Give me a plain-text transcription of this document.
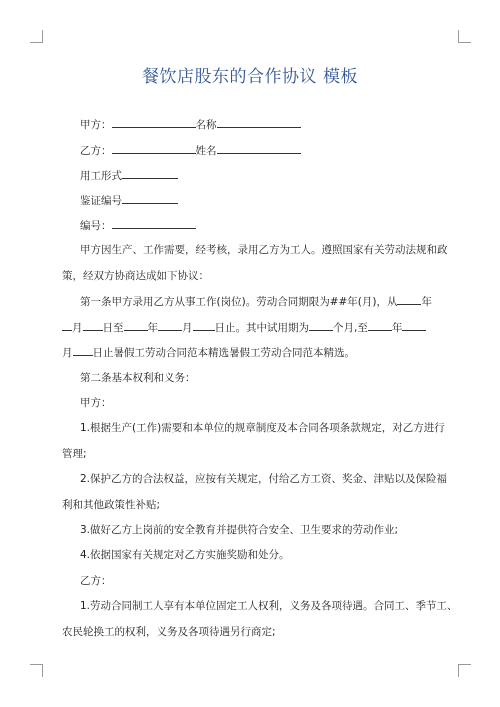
餐饮店股东的合作协议 模板
甲方：	名称
乙方：	姓名
用工形式
鉴证编号
编号：
甲方因生产、工作需要，经考核，录用乙方为工人。遵照国家有关劳动法规和政
策，经双方协商达成如下协议：
第一条甲方录用乙方从事工作(岗位)。劳动合同期限为##年(月)，从 年
月 日至 年 月 日止。其中试用期为 个月,至 年
月 日止暑假工劳动合同范本精选暑假工劳动合同范本精选。
第二条基本权利和义务：
甲方：
1.根据生产(工作)需要和本单位的规章制度及本合同各项条款规定，对乙方进行
管理;
2.保护乙方的合法权益，应按有关规定，付给乙方工资、奖金、津贴以及保险福
利和其他政策性补贴;
3.做好乙方上岗前的安全教育并提供符合安全、卫生要求的劳动作业;
4.依据国家有关规定对乙方实施奖励和处分。
乙方：
1.劳动合同制工人享有本单位固定工人权利，义务及各项待遇。合同工、季节工、
农民轮换工的权利，义务及各项待遇另行商定;
